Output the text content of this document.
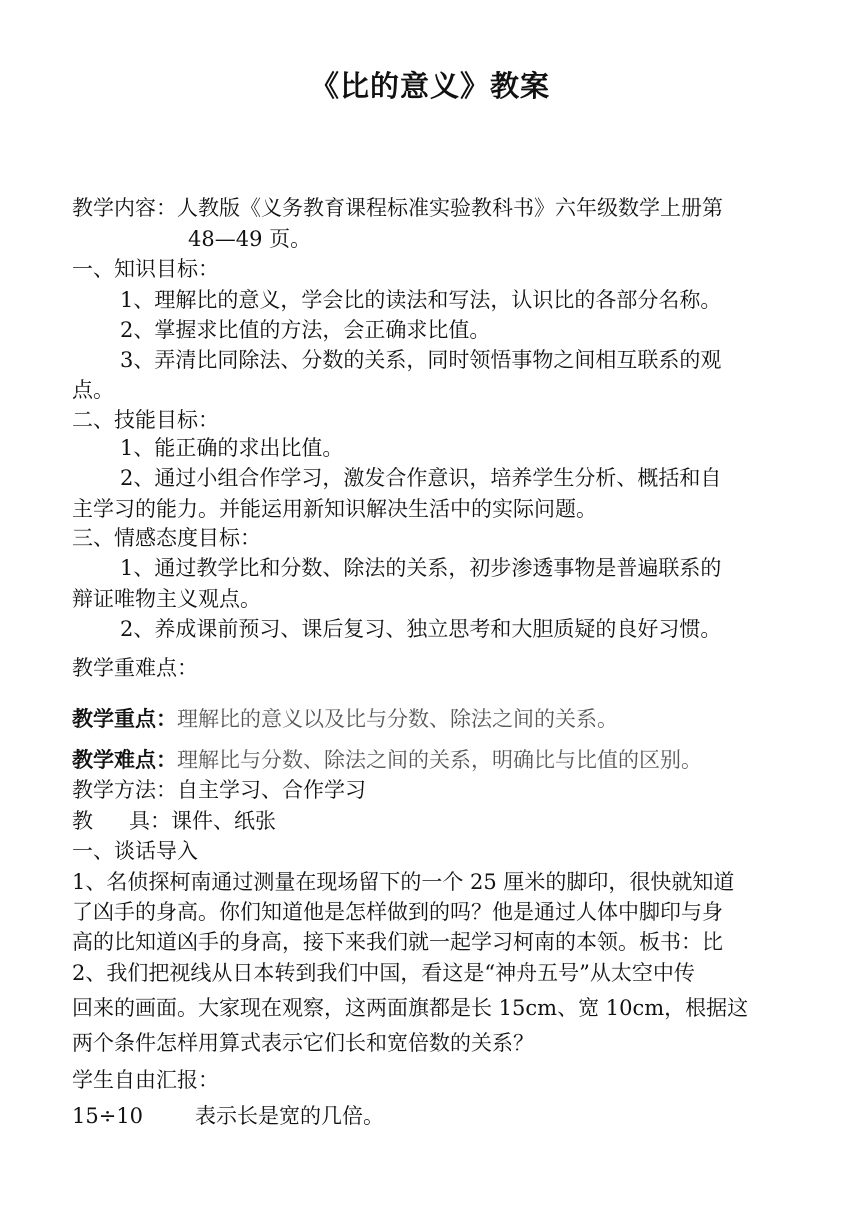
《比的意义》教案
教学内容：人教版《义务教育课程标准实验教科书》六年级数学上册第
48—49 页。
一、知识目标：
1、理解比的意义，学会比的读法和写法，认识比的各部分名称。
2、掌握求比值的方法，会正确求比值。
3、弄清比同除法、分数的关系，同时领悟事物之间相互联系的观
点。
二、技能目标：
1、能正确的求出比值。
2、通过小组合作学习，激发合作意识，培养学生分析、概括和自
主学习的能力。并能运用新知识解决生活中的实际问题。
三、情感态度目标：
1、通过教学比和分数、除法的关系，初步渗透事物是普遍联系的
辩证唯物主义观点。
2、养成课前预习、课后复习、独立思考和大胆质疑的良好习惯。
教学重难点：
教学重点：理解比的意义以及比与分数、除法之间的关系。
教学难点：理解比与分数、除法之间的关系，明确比与比值的区别。
教学方法：自主学习、合作学习
教 具：课件、纸张
一、谈话导入
1、名侦探柯南通过测量在现场留下的一个 25 厘米的脚印，很快就知道
了凶手的身高。你们知道他是怎样做到的吗？他是通过人体中脚印与身
高的比知道凶手的身高，接下来我们就一起学习柯南的本领。板书：比
2、我们把视线从日本转到我们中国，看这是“神舟五号”从太空中传
回来的画面。大家现在观察，这两面旗都是长 15cm、宽 10cm，根据这
两个条件怎样用算式表示它们长和宽倍数的关系？
学生自由汇报：
15÷10 表示长是宽的几倍。
